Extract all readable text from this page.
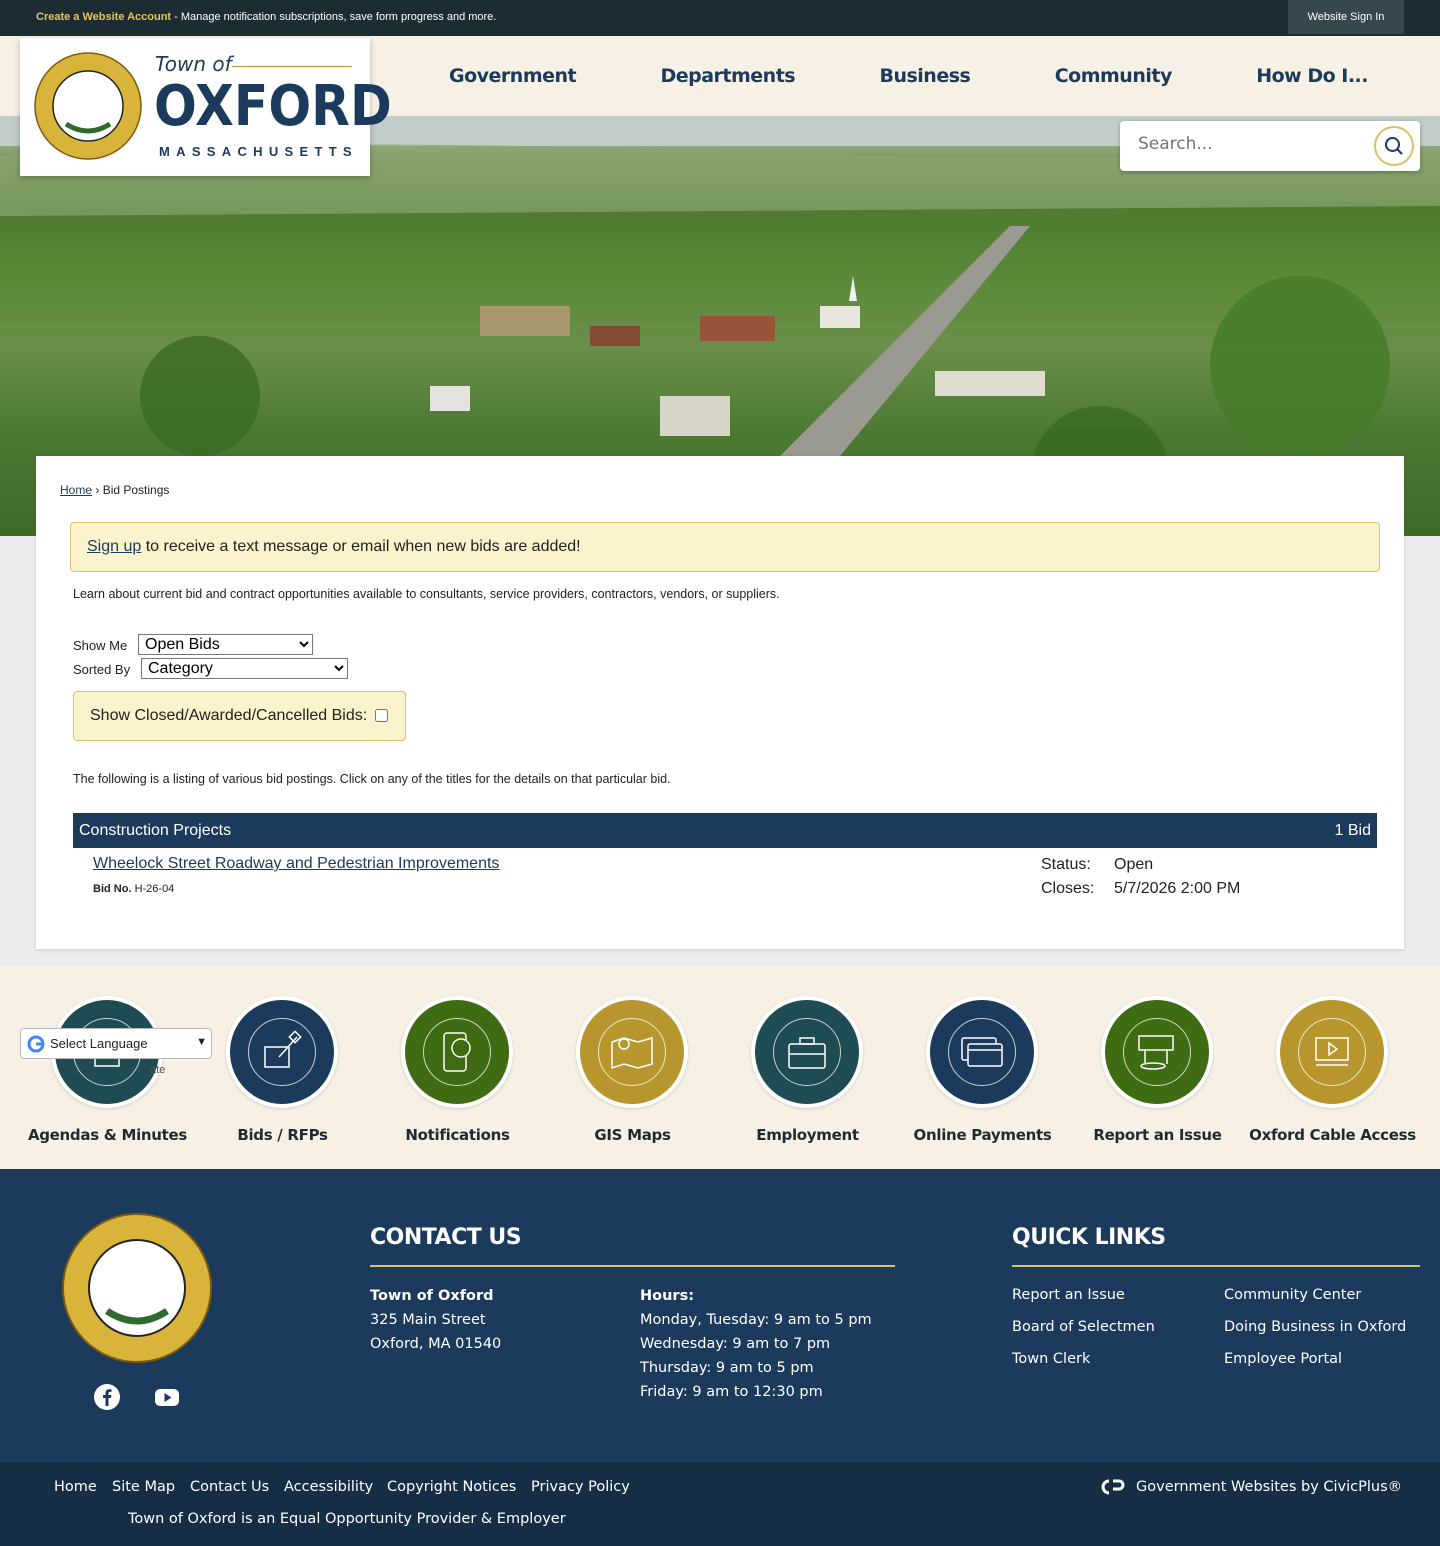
Create a Website Account - Manage notification subscriptions, save form progress and more.	Website Sign In
Government	Departments	Business	Community	How Do I...
Town of
OXFORD
MASSACHUSETTS
Search...
Home › Bid Postings
Sign up to receive a text message or email when new bids are added!
Learn about current bid and contract opportunities available to consultants, service providers, contractors, vendors, or suppliers.
Show Me
Open Bids
Sorted By
Category
Show Closed/Awarded/Cancelled Bids:
The following is a listing of various bid postings. Click on any of the titles for the details on that particular bid.
Construction Projects	1 Bid
Wheelock Street Roadway and Pedestrian Improvements
Bid No. H-26-04
Status: Open
Closes: 5/7/2026 2:00 PM
Agendas & Minutes	Bids / RFPs	Notifications	GIS Maps	Employment	Online Payments	Report an Issue	Oxford Cable Access
Select Language	▼
ate
CONTACT US
Town of Oxford
325 Main Street
Oxford, MA 01540
Hours:
Monday, Tuesday: 9 am to 5 pm
Wednesday: 9 am to 7 pm
Thursday: 9 am to 5 pm
Friday: 9 am to 12:30 pm
QUICK LINKS
Report an Issue	Community Center
Board of Selectmen	Doing Business in Oxford
Town Clerk	Employee Portal
Home Site Map Contact Us Accessibility Copyright Notices Privacy Policy
Town of Oxford is an Equal Opportunity Provider & Employer
Government Websites by CivicPlus®
